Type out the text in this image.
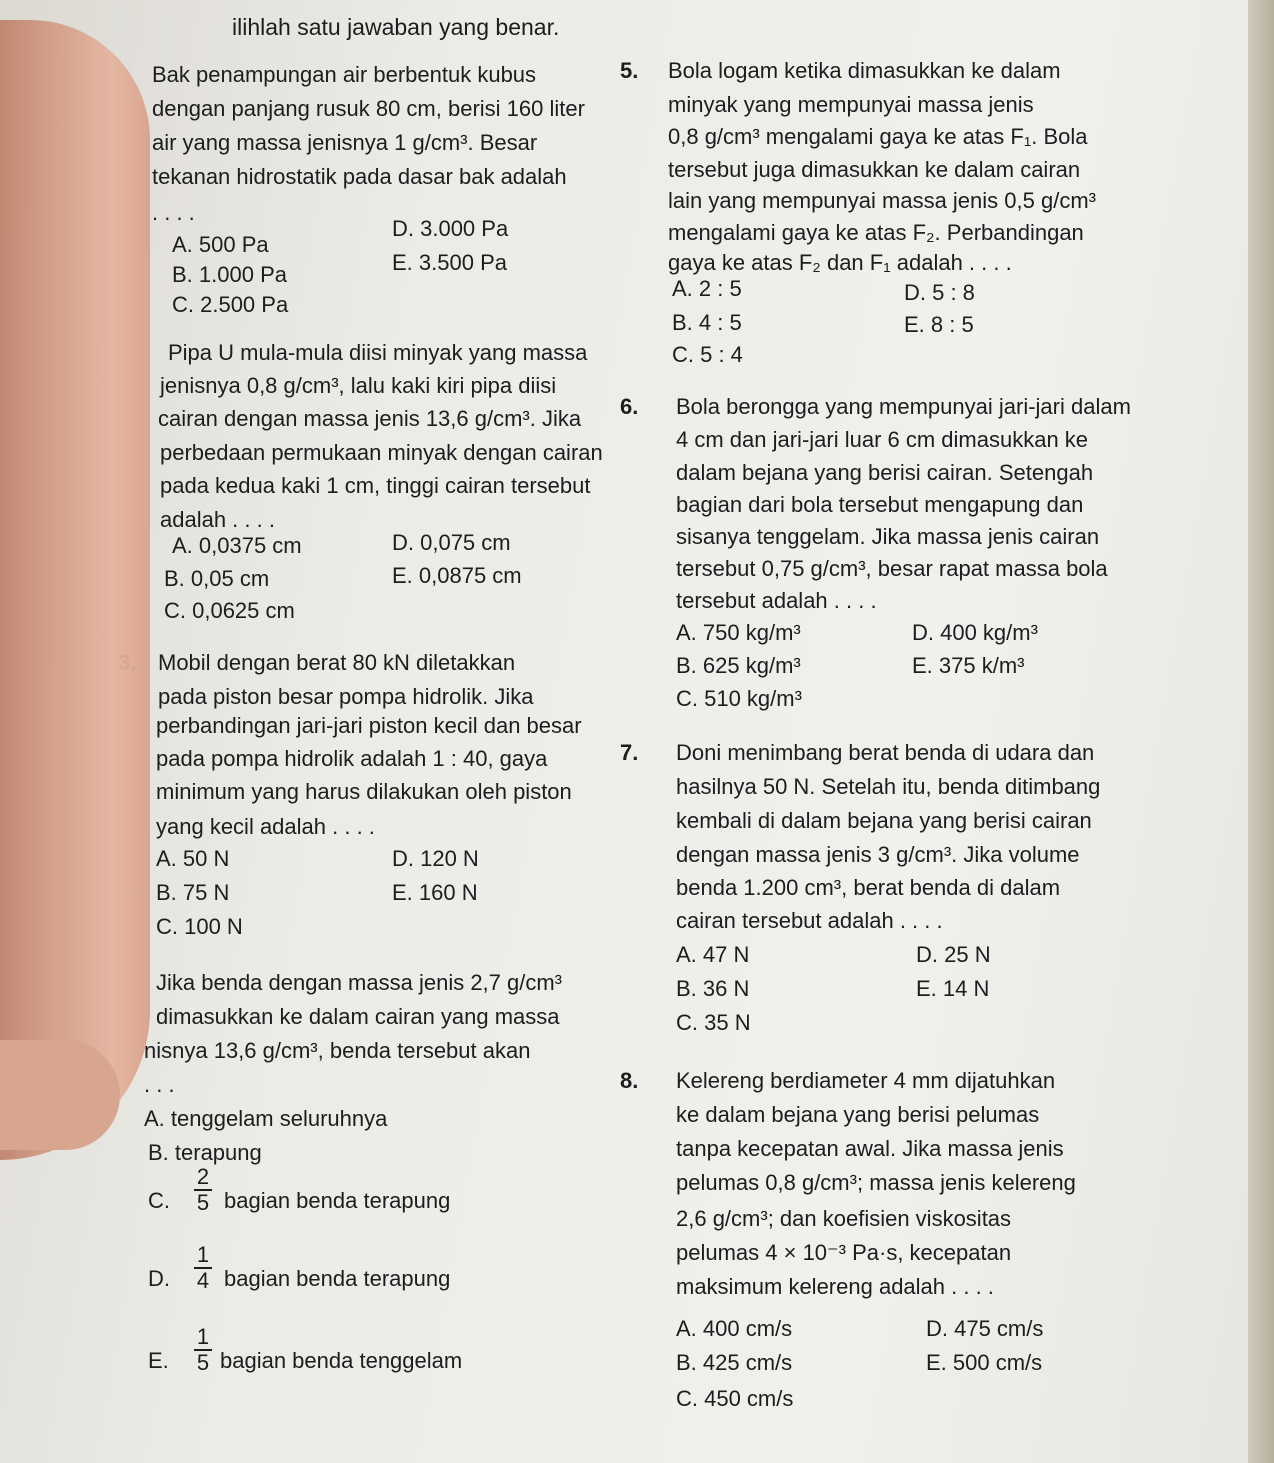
ilihlah satu jawaban yang benar.
Bak penampungan air berbentuk kubus
dengan panjang rusuk 80 cm, berisi 160 liter
air yang massa jenisnya 1 g/cm³. Besar
tekanan hidrostatik pada dasar bak adalah
. . . .
A. 500 Pa
B. 1.000 Pa
C. 2.500 Pa
D. 3.000 Pa
E. 3.500 Pa
Pipa U mula-mula diisi minyak yang massa
jenisnya 0,8 g/cm³, lalu kaki kiri pipa diisi
cairan dengan massa jenis 13,6 g/cm³. Jika
perbedaan permukaan minyak dengan cairan
pada kedua kaki 1 cm, tinggi cairan tersebut
adalah . . . .
A. 0,0375 cm
B. 0,05 cm
C. 0,0625 cm
D. 0,075 cm
E. 0,0875 cm
Mobil dengan berat 80 kN diletakkan
pada piston besar pompa hidrolik. Jika
perbandingan jari-jari piston kecil dan besar
pada pompa hidrolik adalah 1 : 40, gaya
minimum yang harus dilakukan oleh piston
yang kecil adalah . . . .
A. 50 N
B. 75 N
C. 100 N
D. 120 N
E. 160 N
Jika benda dengan massa jenis 2,7 g/cm³
dimasukkan ke dalam cairan yang massa
nisnya 13,6 g/cm³, benda tersebut akan
. . .
A. tenggelam seluruhnya
B. terapung
C.
2
5 bagian benda terapung
D.
1
4 bagian benda terapung
E.
1
5 bagian benda tenggelam
5. Bola logam ketika dimasukkan ke dalam
minyak yang mempunyai massa jenis
0,8 g/cm³ mengalami gaya ke atas F₁. Bola
tersebut juga dimasukkan ke dalam cairan
lain yang mempunyai massa jenis 0,5 g/cm³
mengalami gaya ke atas F₂. Perbandingan
gaya ke atas F₂ dan F₁ adalah . . . .
A. 2 : 5
B. 4 : 5
C. 5 : 4
D. 5 : 8
E. 8 : 5
6. Bola berongga yang mempunyai jari-jari dalam
4 cm dan jari-jari luar 6 cm dimasukkan ke
dalam bejana yang berisi cairan. Setengah
bagian dari bola tersebut mengapung dan
sisanya tenggelam. Jika massa jenis cairan
tersebut 0,75 g/cm³, besar rapat massa bola
tersebut adalah . . . .
A. 750 kg/m³
B. 625 kg/m³
C. 510 kg/m³
D. 400 kg/m³
E. 375 k/m³
7. Doni menimbang berat benda di udara dan
hasilnya 50 N. Setelah itu, benda ditimbang
kembali di dalam bejana yang berisi cairan
dengan massa jenis 3 g/cm³. Jika volume
benda 1.200 cm³, berat benda di dalam
cairan tersebut adalah . . . .
A. 47 N
B. 36 N
C. 35 N
D. 25 N
E. 14 N
8. Kelereng berdiameter 4 mm dijatuhkan
ke dalam bejana yang berisi pelumas
tanpa kecepatan awal. Jika massa jenis
pelumas 0,8 g/cm³; massa jenis kelereng
2,6 g/cm³; dan koefisien viskositas
pelumas 4 × 10⁻³ Pa·s, kecepatan
maksimum kelereng adalah . . . .
A. 400 cm/s
B. 425 cm/s
C. 450 cm/s
D. 475 cm/s
E. 500 cm/s
